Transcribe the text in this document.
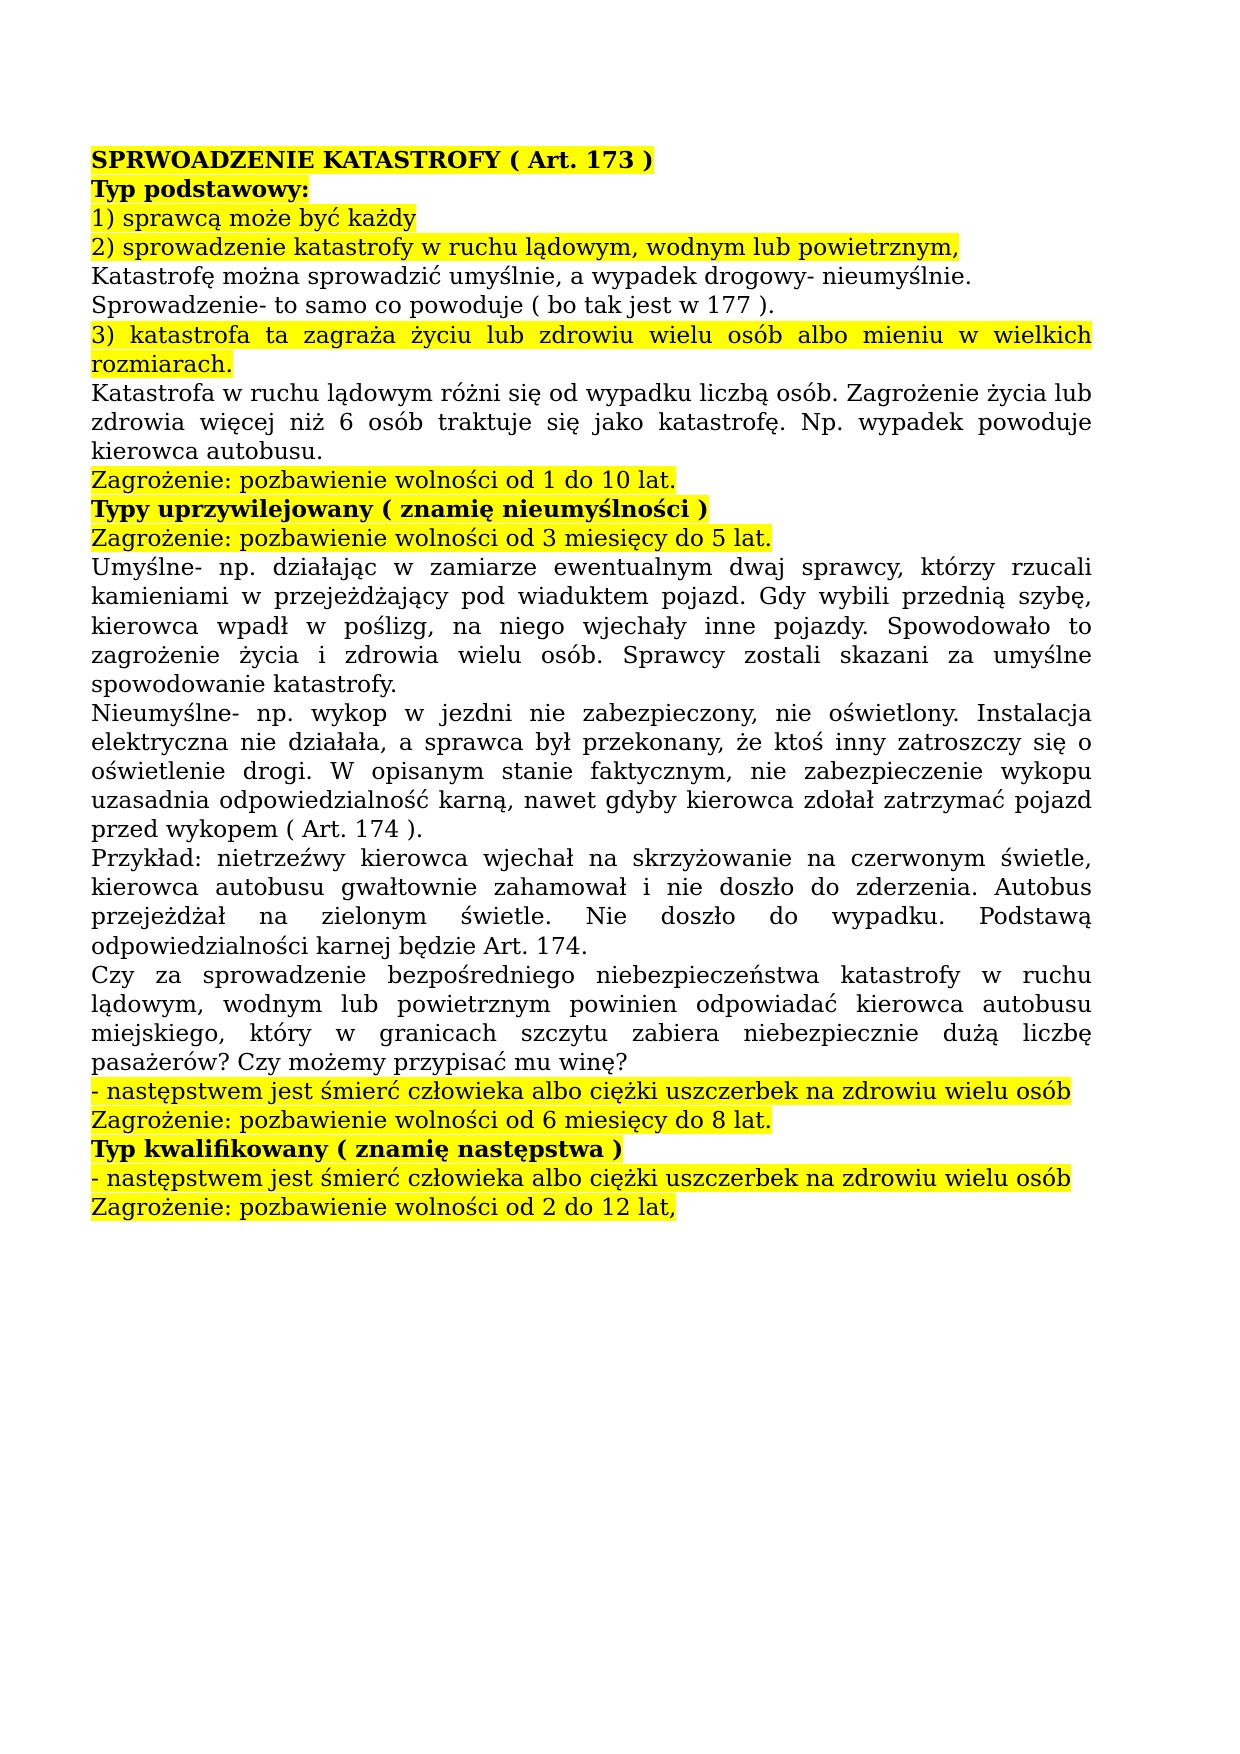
SPRWOADZENIE KATASTROFY ( Art. 173 )

Typ podstawowy:

1) sprawcą może być każdy

2) sprowadzenie katastrofy w ruchu lądowym, wodnym lub powietrznym,

Katastrofę można sprowadzić umyślnie, a wypadek drogowy- nieumyślnie.

Sprowadzenie- to samo co powoduje ( bo tak jest w 177 ).

3) katastrofa ta zagraża życiu lub zdrowiu wielu osób albo mieniu w wielkich rozmiarach.

Katastrofa w ruchu lądowym różni się od wypadku liczbą osób. Zagrożenie życia lub zdrowia więcej niż 6 osób traktuje się jako katastrofę. Np. wypadek powoduje kierowca autobusu.

Zagrożenie: pozbawienie wolności od 1 do 10 lat.

Typy uprzywilejowany ( znamię nieumyślności )

Zagrożenie: pozbawienie wolności od 3 miesięcy do 5 lat.

Umyślne- np. działając w zamiarze ewentualnym dwaj sprawcy, którzy rzucali kamieniami w przejeżdżający pod wiaduktem pojazd. Gdy wybili przednią szybę, kierowca wpadł w poślizg, na niego wjechały inne pojazdy. Spowodowało to zagrożenie życia i zdrowia wielu osób. Sprawcy zostali skazani za umyślne spowodowanie katastrofy.

Nieumyślne- np. wykop w jezdni nie zabezpieczony, nie oświetlony. Instalacja elektryczna nie działała, a sprawca był przekonany, że ktoś inny zatroszczy się o oświetlenie drogi. W opisanym stanie faktycznym, nie zabezpieczenie wykopu uzasadnia odpowiedzialność karną, nawet gdyby kierowca zdołał zatrzymać pojazd przed wykopem ( Art. 174 ).

Przykład: nietrzeźwy kierowca wjechał na skrzyżowanie na czerwonym świetle, kierowca autobusu gwałtownie zahamował i nie doszło do zderzenia. Autobus przejeżdżał na zielonym świetle. Nie doszło do wypadku. Podstawą odpowiedzialności karnej będzie Art. 174.

Czy za sprowadzenie bezpośredniego niebezpieczeństwa katastrofy w ruchu lądowym, wodnym lub powietrznym powinien odpowiadać kierowca autobusu miejskiego, który w granicach szczytu zabiera niebezpiecznie dużą liczbę pasażerów? Czy możemy przypisać mu winę?

- następstwem jest śmierć człowieka albo ciężki uszczerbek na zdrowiu wielu osób

Zagrożenie: pozbawienie wolności od 6 miesięcy do 8 lat.

Typ kwalifikowany ( znamię następstwa )

- następstwem jest śmierć człowieka albo ciężki uszczerbek na zdrowiu wielu osób

Zagrożenie: pozbawienie wolności od 2 do 12 lat,
